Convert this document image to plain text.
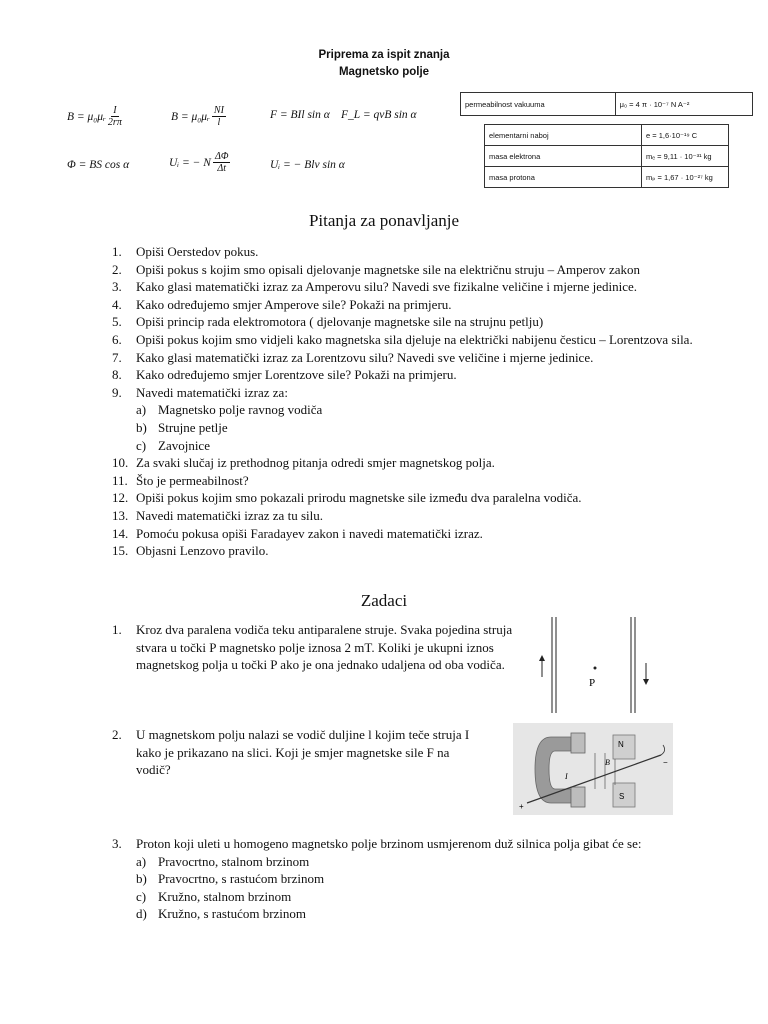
Priprema za ispit znanja
Magnetsko polje
B = μ₀μᵣ $\frac{I}{2r\pi}$	B = μ₀μᵣ $\frac{NI}{l}$	F = BIl sin α F_L = qvB sin α
Φ = BS cos α	Uᵢ = − N $\frac{\Delta\Phi}{\Delta t}$	Uᵢ = − Blv sin α
permeabilnost vakuuma	μ₀ = 4 π · 10⁻⁷ N A⁻²
elementarni naboj	e = 1,6·10⁻¹⁹ C
masa elektrona	mₑ = 9,11 · 10⁻³¹ kg
masa protona	mₚ = 1,67 · 10⁻²⁷ kg
Pitanja za ponavljanje
1.	Opiši Oerstedov pokus.
2.	Opiši pokus s kojim smo opisali djelovanje magnetske sile na električnu struju – Amperov zakon
3.	Kako glasi matematički izraz za Amperovu silu? Navedi sve fizikalne veličine i mjerne jedinice.
4.	Kako određujemo smjer Amperove sile? Pokaži na primjeru.
5.	Opiši princip rada elektromotora ( djelovanje magnetske sile na strujnu petlju)
6.	Opiši pokus kojim smo vidjeli kako magnetska sila djeluje na električki nabijenu česticu – Lorentzova sila.
7.	Kako glasi matematički izraz za Lorentzovu silu? Navedi sve veličine i mjerne jedinice.
8.	Kako određujemo smjer Lorentzove sile? Pokaži na primjeru.
9.	Navedi matematički izraz za:
a) Magnetsko polje ravnog vodiča
b) Strujne petlje
c) Zavojnice
10. Za svaki slučaj iz prethodnog pitanja odredi smjer magnetskog polja.
11. Što je permeabilnost?
12. Opiši pokus kojim smo pokazali prirodu magnetske sile između dva paralelna vodiča.
13. Navedi matematički izraz za tu silu.
14. Pomoću pokusa opiši Faradayev zakon i navedi matematički izraz.
15. Objasni Lenzovo pravilo.
Zadaci
1.	Kroz dva paralena vodiča teku antiparalene struje. Svaka pojedina struja stvara u točki P magnetsko polje iznosa 2 mT. Koliki je ukupni iznos magnetskog polja u točki P ako je ona jednako udaljena od oba vodiča.
P
2.	U magnetskom polju nalazi se vodič duljine l kojim teče struja I kako je prikazano na slici. Koji je smjer magnetske sile F na vodič?
N
S
B
I
+
−
3.	Proton koji uleti u homogeno magnetsko polje brzinom usmjerenom duž silnica polja gibat će se:
a) Pravocrtno, stalnom brzinom
b) Pravocrtno, s rastućom brzinom
c) Kružno, stalnom brzinom
d) Kružno, s rastućom brzinom
